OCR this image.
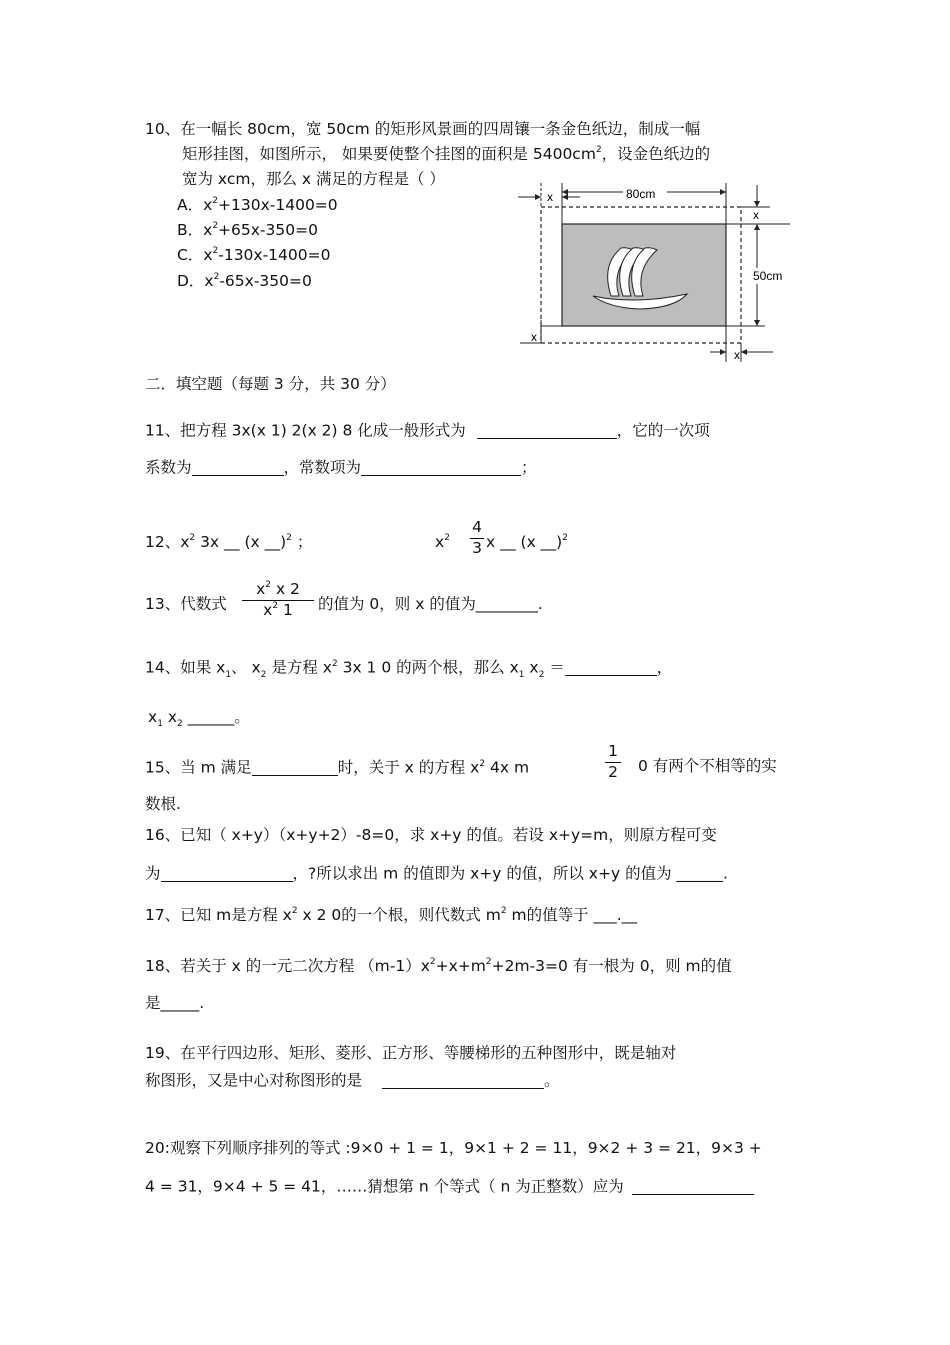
10、在一幅长 80cm，宽 50cm 的矩形风景画的四周镶一条金色纸边，制成一幅
矩形挂图，如图所示， 如果要使整个挂图的面积是 $5400cm^2$，设金色纸边的
宽为 xcm，那么 x 满足的方程是（ ）
A．$x^2+130x-1400=0$
B．$x^2+65x-350=0$
C．$x^2-130x-1400=0$
D．$x^2-65x-350=0$
x	80cm
x
50cm
x
x
二．填空题（每题 3 分，共 30 分）
11、把方程 3x(x 1) 2(x 2) 8 化成一般形式为	，它的一次项
系数为	，常数项为	；
12、$x^2$ 3x __ (x __)$^2$ ；	$x^2$
4
3 x __ (x __)$^2$
13、代数式
$x^2$ x 2
$x^2$ 1	的值为 0，则 x 的值为________.
14、如果 $x_1$、 $x_2$ 是方程 $x^2$ 3x 1 0 的两个根，那么 $x_1$ $x_2$ ＝	，
$x_1$ $x_2$ ______。
15、当 m 满足	时，关于 x 的方程 $x^2$ 4x m
1
2 0 有两个不相等的实
数根.
16、已知（ x+y）（x+y+2）-8=0，求 x+y 的值。若设 x+y=m，则原方程可变
为	，?所以求出 m 的值即为 x+y 的值，所以 x+y 的值为 ______.
17、已知 m是方程 $x^2$ x 2 0的一个根，则代数式 $m^2$ m的值等于 ___.__
18、若关于 x 的一元二次方程 $(m-1)x^2+x+m^2+2m-3=0$ 有一根为 0，则 m的值
是_____.
19、在平行四边形、矩形、菱形、正方形、等腰梯形的五种图形中，既是轴对
称图形，又是中心对称图形的是	。
20:观察下列顺序排列的等式 :9×0 + 1 = 1，9×1 + 2 = 11，9×2 + 3 = 21，9×3 +
4 = 31，9×4 + 5 = 41，……猜想第 n 个等式（ n 为正整数）应为
